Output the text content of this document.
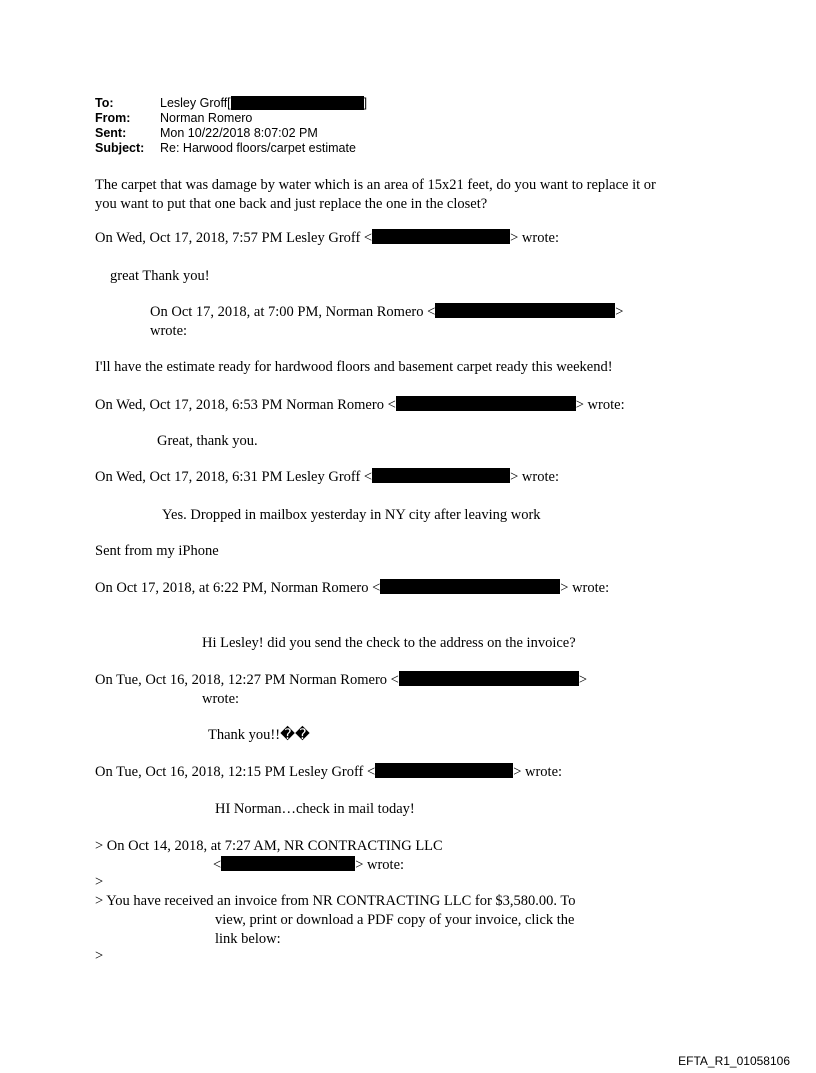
To:	Lesley Groff[	]
From:	Norman Romero
Sent:	Mon 10/22/2018 8:07:02 PM
Subject:	Re: Harwood floors/carpet estimate
The carpet that was damage by water which is an area of 15x21 feet, do you want to replace it or
you want to put that one back and just replace the one in the closet?
On Wed, Oct 17, 2018, 7:57 PM Lesley Groff <	> wrote:
great Thank you!
On Oct 17, 2018, at 7:00 PM, Norman Romero <	>
wrote:
I'll have the estimate ready for hardwood floors and basement carpet ready this weekend!
On Wed, Oct 17, 2018, 6:53 PM Norman Romero <	> wrote:
Great, thank you.
On Wed, Oct 17, 2018, 6:31 PM Lesley Groff <	> wrote:
Yes. Dropped in mailbox yesterday in NY city after leaving work
Sent from my iPhone
On Oct 17, 2018, at 6:22 PM, Norman Romero <	> wrote:
Hi Lesley! did you send the check to the address on the invoice?
On Tue, Oct 16, 2018, 12:27 PM Norman Romero <	>
wrote:
Thank you!!��
On Tue, Oct 16, 2018, 12:15 PM Lesley Groff <	> wrote:
HI Norman…check in mail today!
> On Oct 14, 2018, at 7:27 AM, NR CONTRACTING LLC
<	> wrote:
>
> You have received an invoice from NR CONTRACTING LLC for $3,580.00. To
view, print or download a PDF copy of your invoice, click the
link below:
>
EFTA_R1_01058106
